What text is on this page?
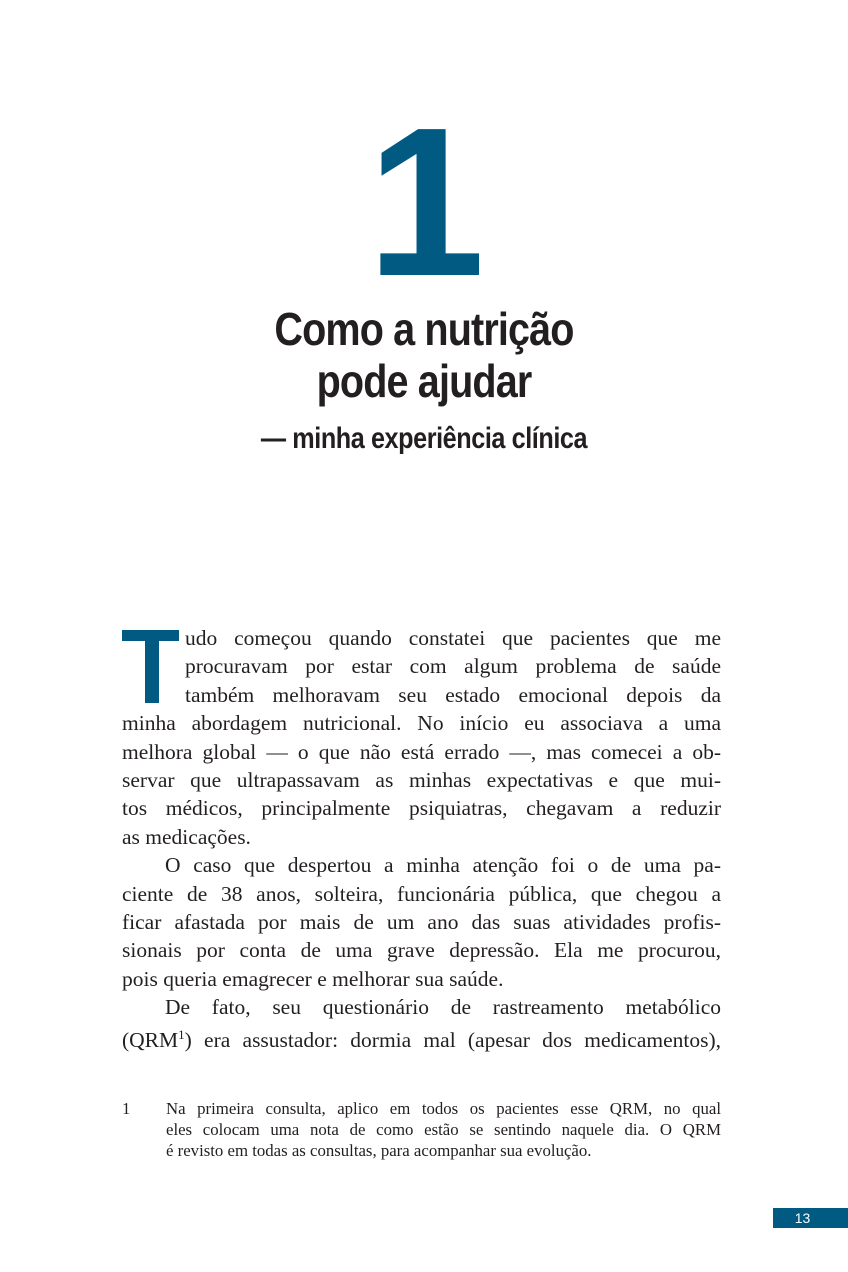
1
Como a nutrição
pode ajudar
— minha experiência clínica
udo começou quando constatei que pacientes que me
procuravam por estar com algum problema de saúde
também melhoravam seu estado emocional depois da
minha abordagem nutricional. No início eu associava a uma
melhora global — o que não está errado —, mas comecei a ob-
servar que ultrapassavam as minhas expectativas e que mui-
tos médicos, principalmente psiquiatras, chegavam a reduzir
as medicações.
O caso que despertou a minha atenção foi o de uma pa-
ciente de 38 anos, solteira, funcionária pública, que chegou a
ficar afastada por mais de um ano das suas atividades profis-
sionais por conta de uma grave depressão. Ela me procurou,
pois queria emagrecer e melhorar sua saúde.
De fato, seu questionário de rastreamento metabólico
(QRM$^1$) era assustador: dormia mal (apesar dos medicamentos),
1 Na primeira consulta, aplico em todos os pacientes esse QRM, no qual
eles colocam uma nota de como estão se sentindo naquele dia. O QRM
é revisto em todas as consultas, para acompanhar sua evolução.
13
